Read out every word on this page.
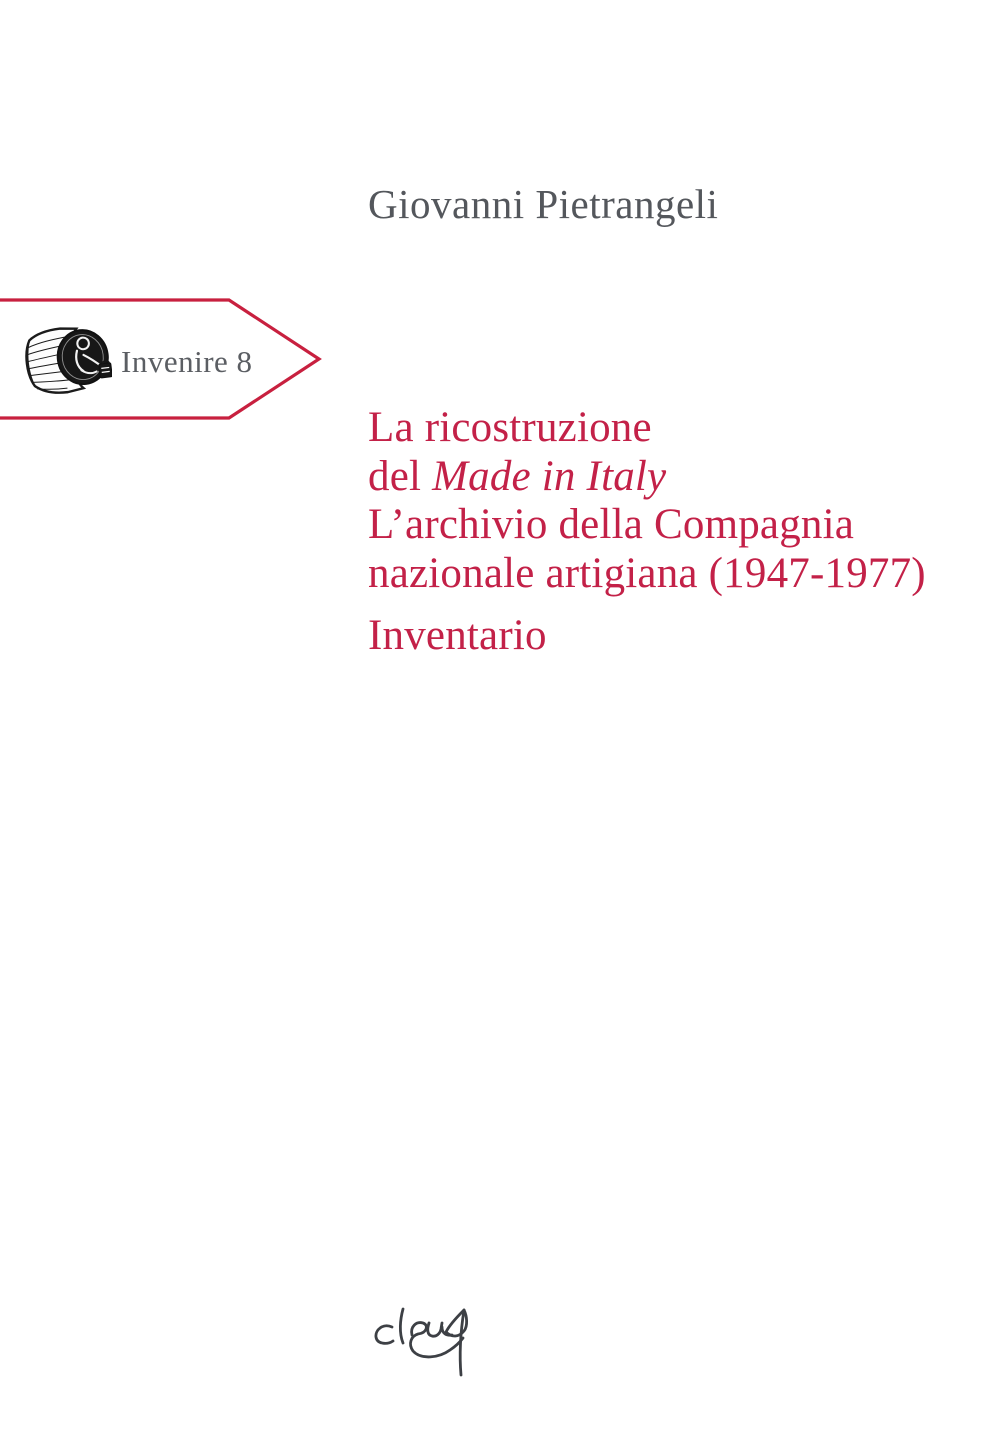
Giovanni Pietrangeli
Invenire 8
La ricostruzione
del Made in Italy
L’archivio della Compagnia
nazionale artigiana (1947-1977)
Inventario
